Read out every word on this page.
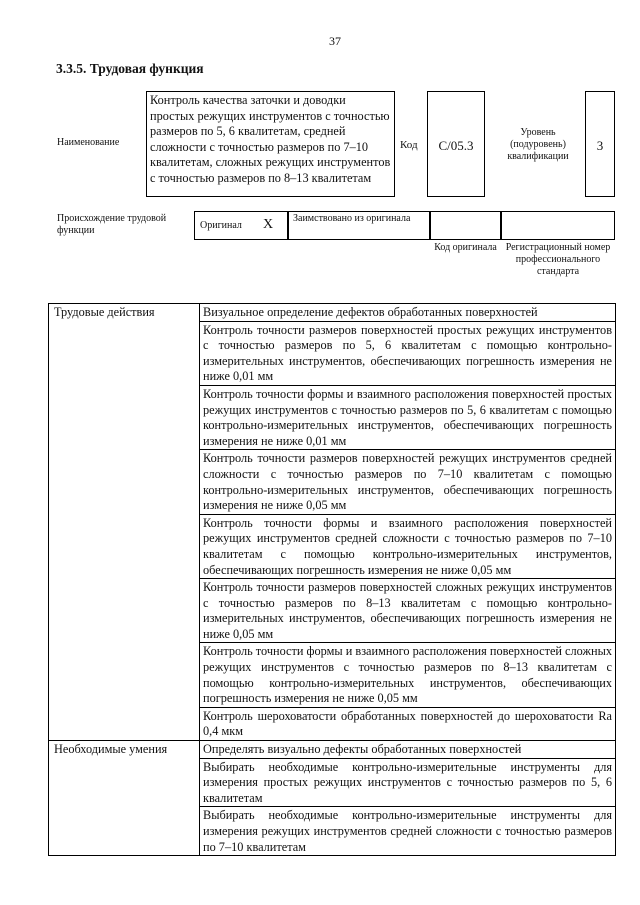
37
3.3.5. Трудовая функция
Наименование
Контроль качества заточки и доводки простых режущих инструментов с точностью размеров по 5, 6 квалитетам, средней сложности с точностью размеров по 7–10 квалитетам, сложных режущих инструментов с точностью размеров по 8–13 квалитетам
Код	С/05.3
Уровень (подуровень) квалификации
3
Происхождение трудовой функции	Оригинал X	Заимствовано из оригинала
Код оригинала Регистрационный номер профессионального стандарта
Трудовые действия	Визуальное определение дефектов обработанных поверхностей
	Контроль точности размеров поверхностей простых режущих инструментов с точностью размеров по 5, 6 квалитетам с помощью контрольно-измерительных инструментов, обеспечивающих погрешность измерения не ниже 0,01 мм
	Контроль точности формы и взаимного расположения поверхностей простых режущих инструментов с точностью размеров по 5, 6 квалитетам с помощью контрольно-измерительных инструментов, обеспечивающих погрешность измерения не ниже 0,01 мм
	Контроль точности размеров поверхностей режущих инструментов средней сложности с точностью размеров по 7–10 квалитетам с помощью контрольно-измерительных инструментов, обеспечивающих погрешность измерения не ниже 0,05 мм
	Контроль точности формы и взаимного расположения поверхностей режущих инструментов средней сложности с точностью размеров по 7–10 квалитетам с помощью контрольно-измерительных инструментов, обеспечивающих погрешность измерения не ниже 0,05 мм
	Контроль точности размеров поверхностей сложных режущих инструментов с точностью размеров по 8–13 квалитетам с помощью контрольно-измерительных инструментов, обеспечивающих погрешность измерения не ниже 0,05 мм
	Контроль точности формы и взаимного расположения поверхностей сложных режущих инструментов с точностью размеров по 8–13 квалитетам с помощью контрольно-измерительных инструментов, обеспечивающих погрешность измерения не ниже 0,05 мм
	Контроль шероховатости обработанных поверхностей до шероховатости Ra 0,4 мкм
Необходимые умения	Определять визуально дефекты обработанных поверхностей
	Выбирать необходимые контрольно-измерительные инструменты для измерения простых режущих инструментов с точностью размеров по 5, 6 квалитетам
	Выбирать необходимые контрольно-измерительные инструменты для измерения режущих инструментов средней сложности с точностью размеров по 7–10 квалитетам
